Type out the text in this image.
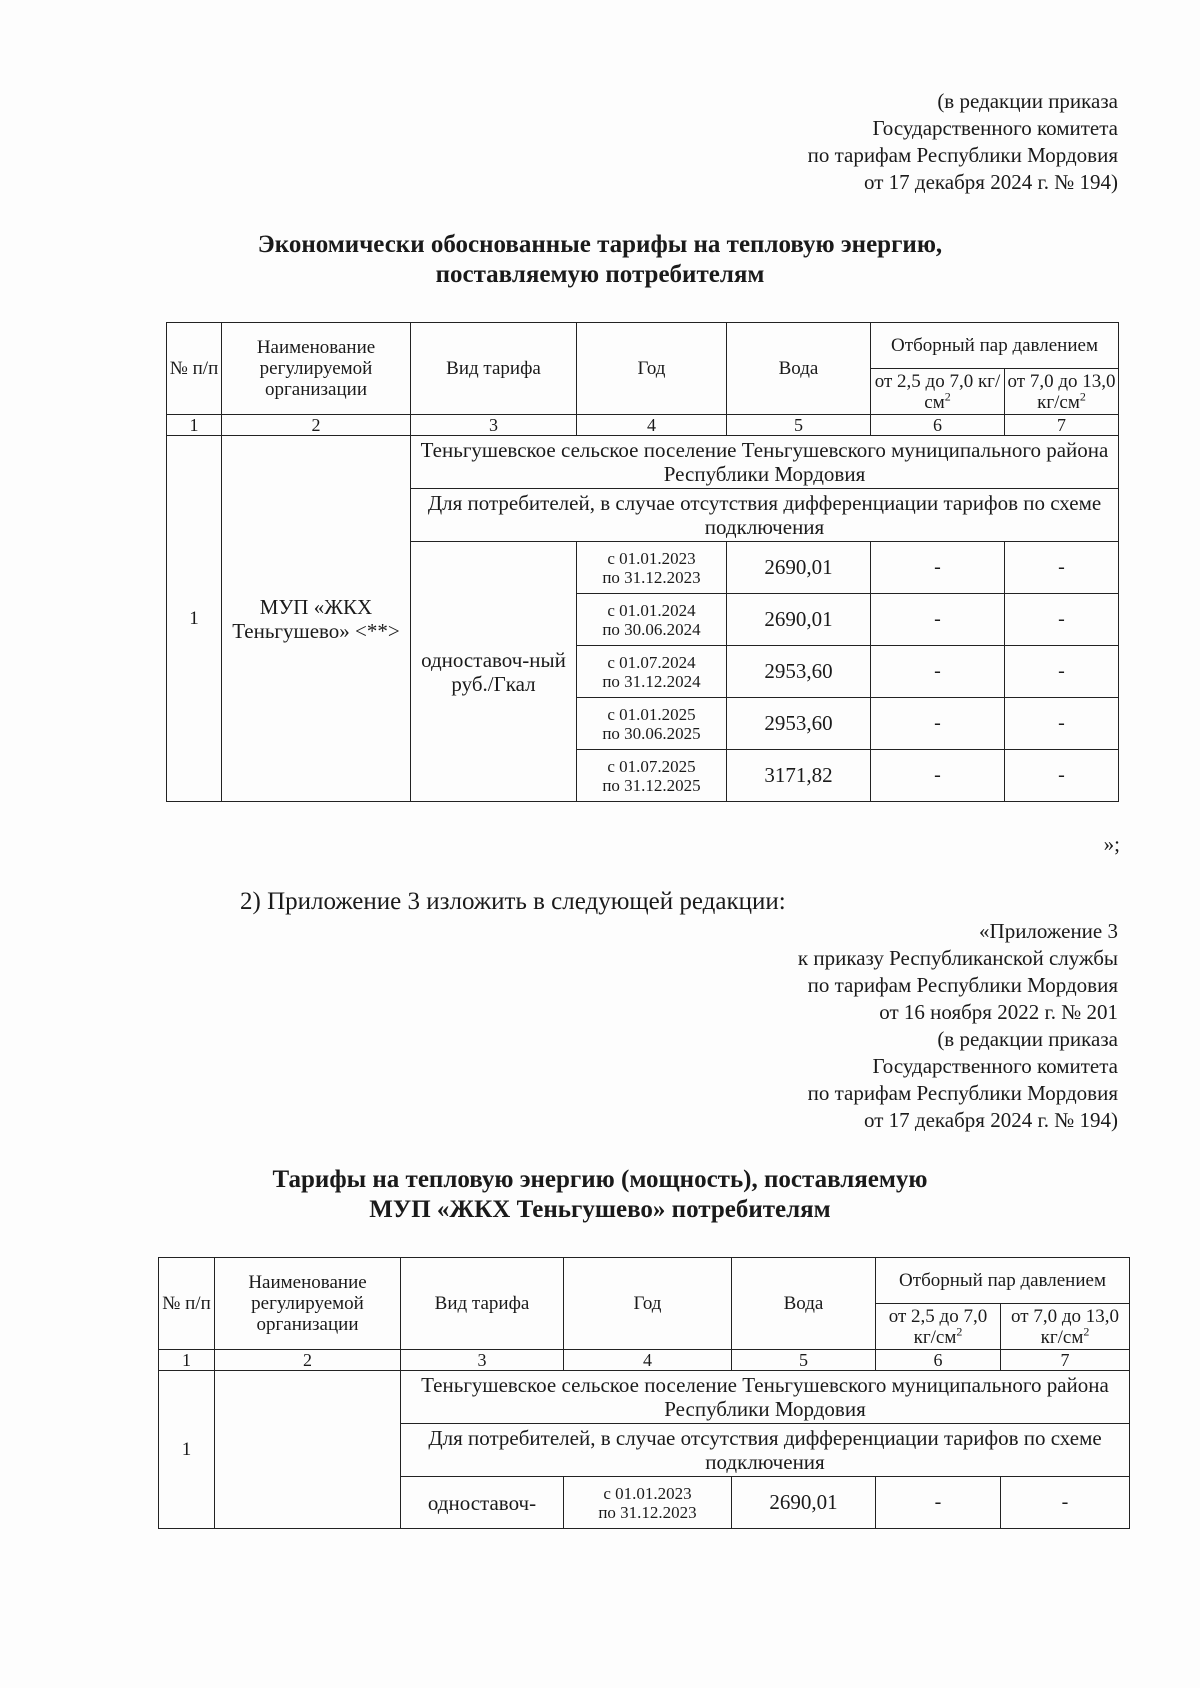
(в редакции приказа
Государственного комитета
по тарифам Республики Мордовия
от 17 декабря 2024 г. № 194)
Экономически обоснованные тарифы на тепловую энергию,
поставляемую потребителям
№ п/п	Наименование регулируемой организации	Вид тарифа	Год	Вода	Отборный пар давлением	
					от 2,5 до 7,0 $кг/см^2$	от 7,0 до 13,0 $кг/см^2$
1	2	3	4	5	6	7
1	МУП «ЖКХ Теньгушево» <**>	Теньгушевское сельское поселение Теньгушевского муниципального района Республики Мордовия				
		Для потребителей, в случае отсутствия дифференциации тарифов по схеме подключения				
		одноставоч-ный руб./Гкал	с 01.01.2023
по 31.12.2023	2690,01	-	-

			с 01.01.2024
по 30.06.2024	2690,01	-	-

			с 01.07.2024
по 31.12.2024	2953,60	-	-

			с 01.01.2025
по 30.06.2025	2953,60	-	-

			с 01.07.2025
по 31.12.2025	3171,82	-	-
»;
2) Приложение 3 изложить в следующей редакции:
«Приложение 3
к приказу Республиканской службы
по тарифам Республики Мордовия
от 16 ноября 2022 г. № 201
(в редакции приказа
Государственного комитета
по тарифам Республики Мордовия
от 17 декабря 2024 г. № 194)
Тарифы на тепловую энергию (мощность), поставляемую
МУП «ЖКХ Теньгушево» потребителям
№ п/п	Наименование регулируемой организации	Вид тарифа	Год	Вода	Отборный пар давлением	
					от 2,5 до 7,0 $кг/см^2$	от 7,0 до 13,0 $кг/см^2$
1	2	3	4	5	6	7
1		Теньгушевское сельское поселение Теньгушевского муниципального района Республики Мордовия				
		Для потребителей, в случае отсутствия дифференциации тарифов по схеме подключения				
		одноставоч-	с 01.01.2023
по 31.12.2023	2690,01	-	-
